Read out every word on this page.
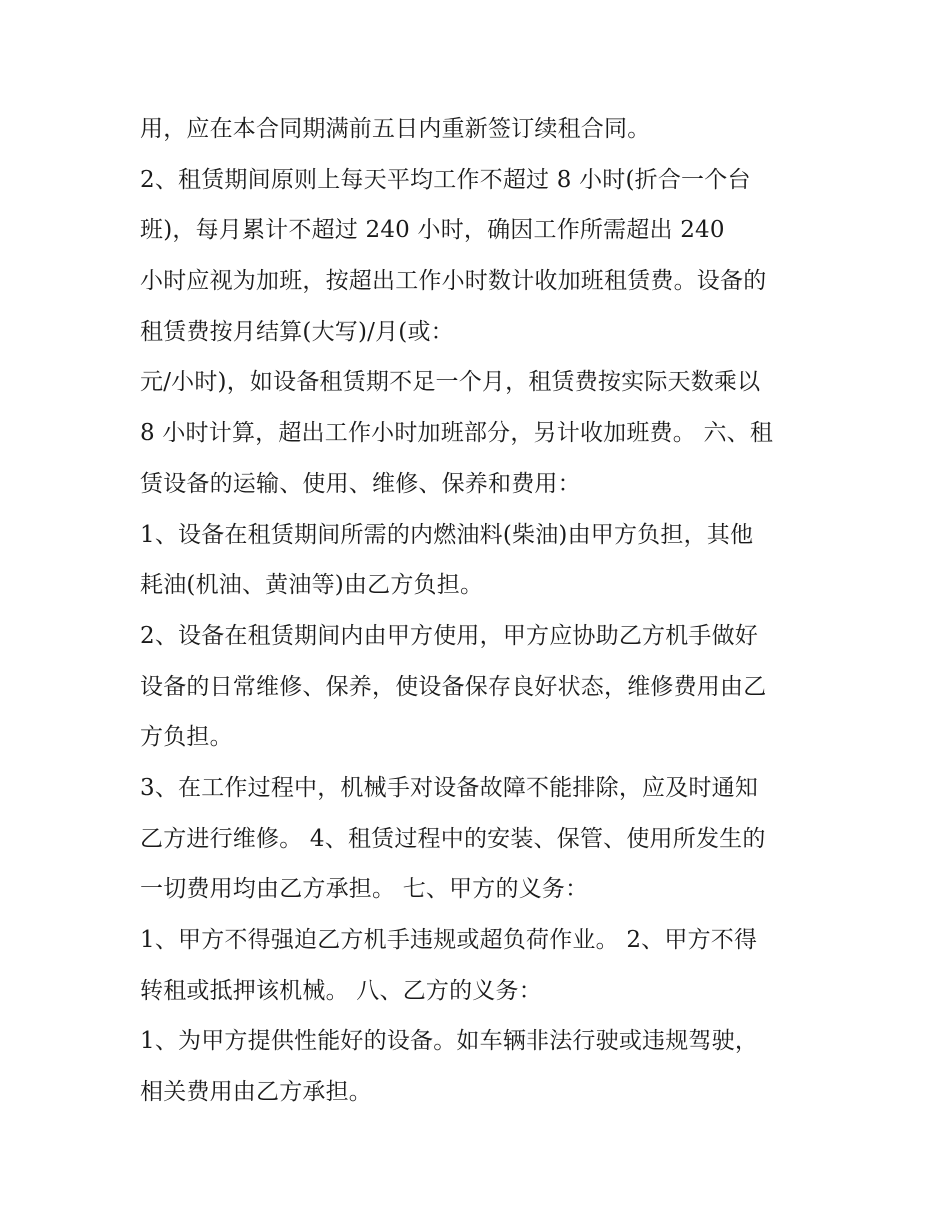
用，应在本合同期满前五日内重新签订续租合同。
2、租赁期间原则上每天平均工作不超过 8 小时(折合一个台
班)，每月累计不超过 240 小时，确因工作所需超出 240
小时应视为加班，按超出工作小时数计收加班租赁费。设备的
租赁费按月结算(大写)/月(或：
元/小时)，如设备租赁期不足一个月，租赁费按实际天数乘以
8 小时计算，超出工作小时加班部分，另计收加班费。 六、租
赁设备的运输、使用、维修、保养和费用：
1、设备在租赁期间所需的内燃油料(柴油)由甲方负担，其他
耗油(机油、黄油等)由乙方负担。
2、设备在租赁期间内由甲方使用，甲方应协助乙方机手做好
设备的日常维修、保养，使设备保存良好状态，维修费用由乙
方负担。
3、在工作过程中，机械手对设备故障不能排除，应及时通知
乙方进行维修。 4、租赁过程中的安装、保管、使用所发生的
一切费用均由乙方承担。 七、甲方的义务：
1、甲方不得强迫乙方机手违规或超负荷作业。 2、甲方不得
转租或抵押该机械。 八、乙方的义务：
1、为甲方提供性能好的设备。如车辆非法行驶或违规驾驶，
相关费用由乙方承担。
